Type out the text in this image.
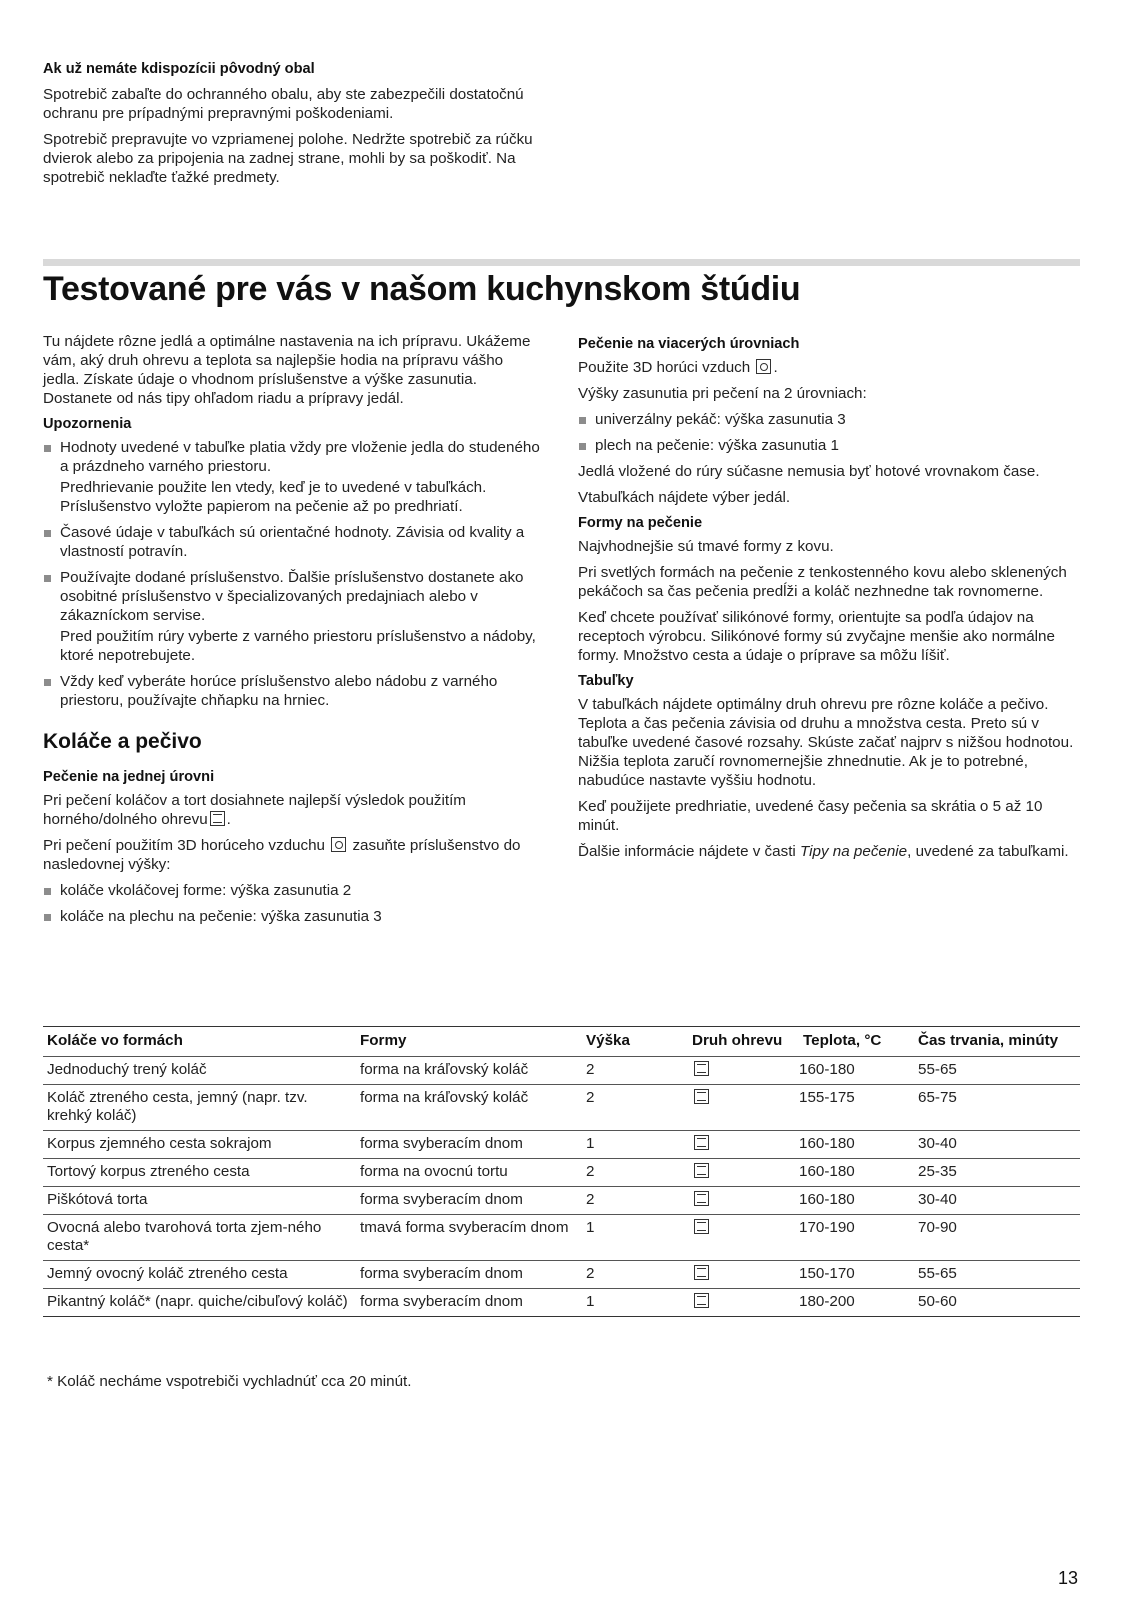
Ak už nemáte kdispozícii pôvodný obal

Spotrebič zabaľte do ochranného obalu, aby ste zabezpečili dostatočnú ochranu pre prípadnými prepravnými poškodeniami.

Spotrebič prepravujte vo vzpriamenej polohe. Nedržte spotrebič za rúčku dvierok alebo za pripojenia na zadnej strane, mohli by sa poškodiť. Na spotrebič neklaďte ťažké predmety.

Testované pre vás v našom kuchynskom štúdiu

Tu nájdete rôzne jedlá a optimálne nastavenia na ich prípravu. Ukážeme vám, aký druh ohrevu a teplota sa najlepšie hodia na prípravu vášho jedla. Získate údaje o vhodnom príslušenstve a výške zasunutia. Dostanete od nás tipy ohľadom riadu a prípravy jedál.

Upozornenia

Hodnoty uvedené v tabuľke platia vždy pre vloženie jedla do studeného a prázdneho varného priestoru.
Predhrievanie použite len vtedy, keď je to uvedené v tabuľkách. Príslušenstvo vyložte papierom na pečenie až po predhriatí.
Časové údaje v tabuľkách sú orientačné hodnoty. Závisia od kvality a vlastností potravín.
Používajte dodané príslušenstvo. Ďalšie príslušenstvo dostanete ako osobitné príslušenstvo v špecializovaných predajniach alebo v zákazníckom servise.
Pred použitím rúry vyberte z varného priestoru príslušenstvo a nádoby, ktoré nepotrebujete.
Vždy keď vyberáte horúce príslušenstvo alebo nádobu z varného priestoru, používajte chňapku na hrniec.
Koláče a pečivo

Pečenie na jednej úrovni

Pri pečení koláčov a tort dosiahnete najlepší výsledok použitím horného/dolného ohrevu .

Pri pečení použitím 3D horúceho vzduchu zasuňte príslušenstvo do nasledovnej výšky:

koláče vkoláčovej forme: výška zasunutia 2
koláče na plechu na pečenie: výška zasunutia 3

Pečenie na viacerých úrovniach

Použite 3D horúci vzduch .

Výšky zasunutia pri pečení na 2 úrovniach:

univerzálny pekáč: výška zasunutia 3
plech na pečenie: výška zasunutia 1

Jedlá vložené do rúry súčasne nemusia byť hotové vrovnakom čase.

Vtabuľkách nájdete výber jedál.

Formy na pečenie

Najvhodnejšie sú tmavé formy z kovu.

Pri svetlých formách na pečenie z tenkostenného kovu alebo sklenených pekáčoch sa čas pečenia predĺži a koláč nezhnedne tak rovnomerne.

Keď chcete používať silikónové formy, orientujte sa podľa údajov na receptoch výrobcu. Silikónové formy sú zvyčajne menšie ako normálne formy. Množstvo cesta a údaje o príprave sa môžu líšiť.

Tabuľky

V tabuľkách nájdete optimálny druh ohrevu pre rôzne koláče a pečivo. Teplota a čas pečenia závisia od druhu a množstva cesta. Preto sú v tabuľke uvedené časové rozsahy. Skúste začať najprv s nižšou hodnotou. Nižšia teplota zaručí rovnomernejšie zhnednutie. Ak je to potrebné, nabudúce nastavte vyššiu hodnotu.

Keď použijete predhriatie, uvedené časy pečenia sa skrátia o 5 až 10 minút.

Ďalšie informácie nájdete v časti Tipy na pečenie, uvedené za tabuľkami.

Koláče vo formách	Formy	Výška	Druh ohrevu	Teplota, °C	Čas trvania, minúty
Jednoduchý trený koláč	forma na kráľovský koláč	2		160-180	55-65
Koláč ztreného cesta, jemný (napr. tzv. krehký koláč)	forma na kráľovský koláč	2		155-175	65-75
Korpus zjemného cesta sokrajom	forma svyberacím dnom	1		160-180	30-40
Tortový korpus ztreného cesta	forma na ovocnú tortu	2		160-180	25-35
Piškótová torta	forma svyberacím dnom	2		160-180	30-40
Ovocná alebo tvarohová torta zjem-ného cesta*	tmavá forma svyberacím dnom	1		170-190	70-90
Jemný ovocný koláč ztreného cesta	forma svyberacím dnom	2		150-170	55-65
Pikantný koláč* (napr. quiche/cibuľový koláč)	forma svyberacím dnom	1		180-200	50-60
* Koláč necháme vspotrebiči vychladnúť cca 20 minút.
13
